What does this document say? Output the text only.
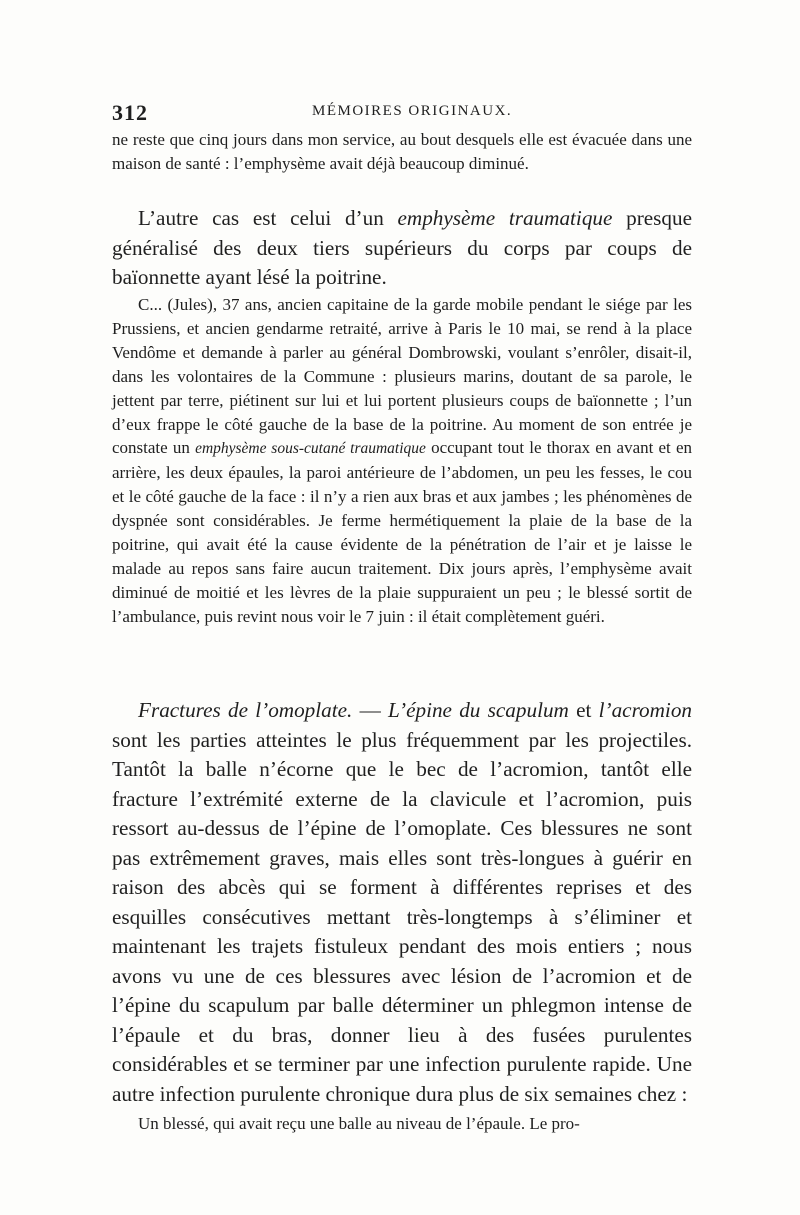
312	MÉMOIRES ORIGINAUX.

ne reste que cinq jours dans mon service, au bout desquels elle est évacuée dans une maison de santé : l’emphysème avait déjà beaucoup diminué.

L’autre cas est celui d’un emphysème traumatique presque généralisé des deux tiers supérieurs du corps par coups de baïonnette ayant lésé la poitrine.

C... (Jules), 37 ans, ancien capitaine de la garde mobile pendant le siége par les Prussiens, et ancien gendarme retraité, arrive à Paris le 10 mai, se rend à la place Vendôme et demande à parler au général Dombrowski, voulant s’enrôler, disait-il, dans les volontaires de la Commune : plusieurs marins, doutant de sa parole, le jettent par terre, piétinent sur lui et lui portent plusieurs coups de baïonnette ; l’un d’eux frappe le côté gauche de la base de la poitrine. Au moment de son entrée je constate un emphysème sous-cutané traumatique occupant tout le thorax en avant et en arrière, les deux épaules, la paroi antérieure de l’abdomen, un peu les fesses, le cou et le côté gauche de la face : il n’y a rien aux bras et aux jambes ; les phénomènes de dyspnée sont considérables. Je ferme hermétiquement la plaie de la base de la poitrine, qui avait été la cause évidente de la pénétration de l’air et je laisse le malade au repos sans faire aucun traitement. Dix jours après, l’emphysème avait diminué de moitié et les lèvres de la plaie suppuraient un peu ; le blessé sortit de l’ambulance, puis revint nous voir le 7 juin : il était complètement guéri.

Fractures de l’omoplate. — L’épine du scapulum et l’acromion sont les parties atteintes le plus fréquemment par les projectiles. Tantôt la balle n’écorne que le bec de l’acromion, tantôt elle fracture l’extrémité externe de la clavicule et l’acromion, puis ressort au-dessus de l’épine de l’omoplate. Ces blessures ne sont pas extrêmement graves, mais elles sont très-longues à guérir en raison des abcès qui se forment à différentes reprises et des esquilles consécutives mettant très-longtemps à s’éliminer et maintenant les trajets fistuleux pendant des mois entiers ; nous avons vu une de ces blessures avec lésion de l’acromion et de l’épine du scapulum par balle déterminer un phlegmon intense de l’épaule et du bras, donner lieu à des fusées purulentes considérables et se terminer par une infection purulente rapide. Une autre infection purulente chronique dura plus de six semaines chez :

Un blessé, qui avait reçu une balle au niveau de l’épaule. Le pro-
